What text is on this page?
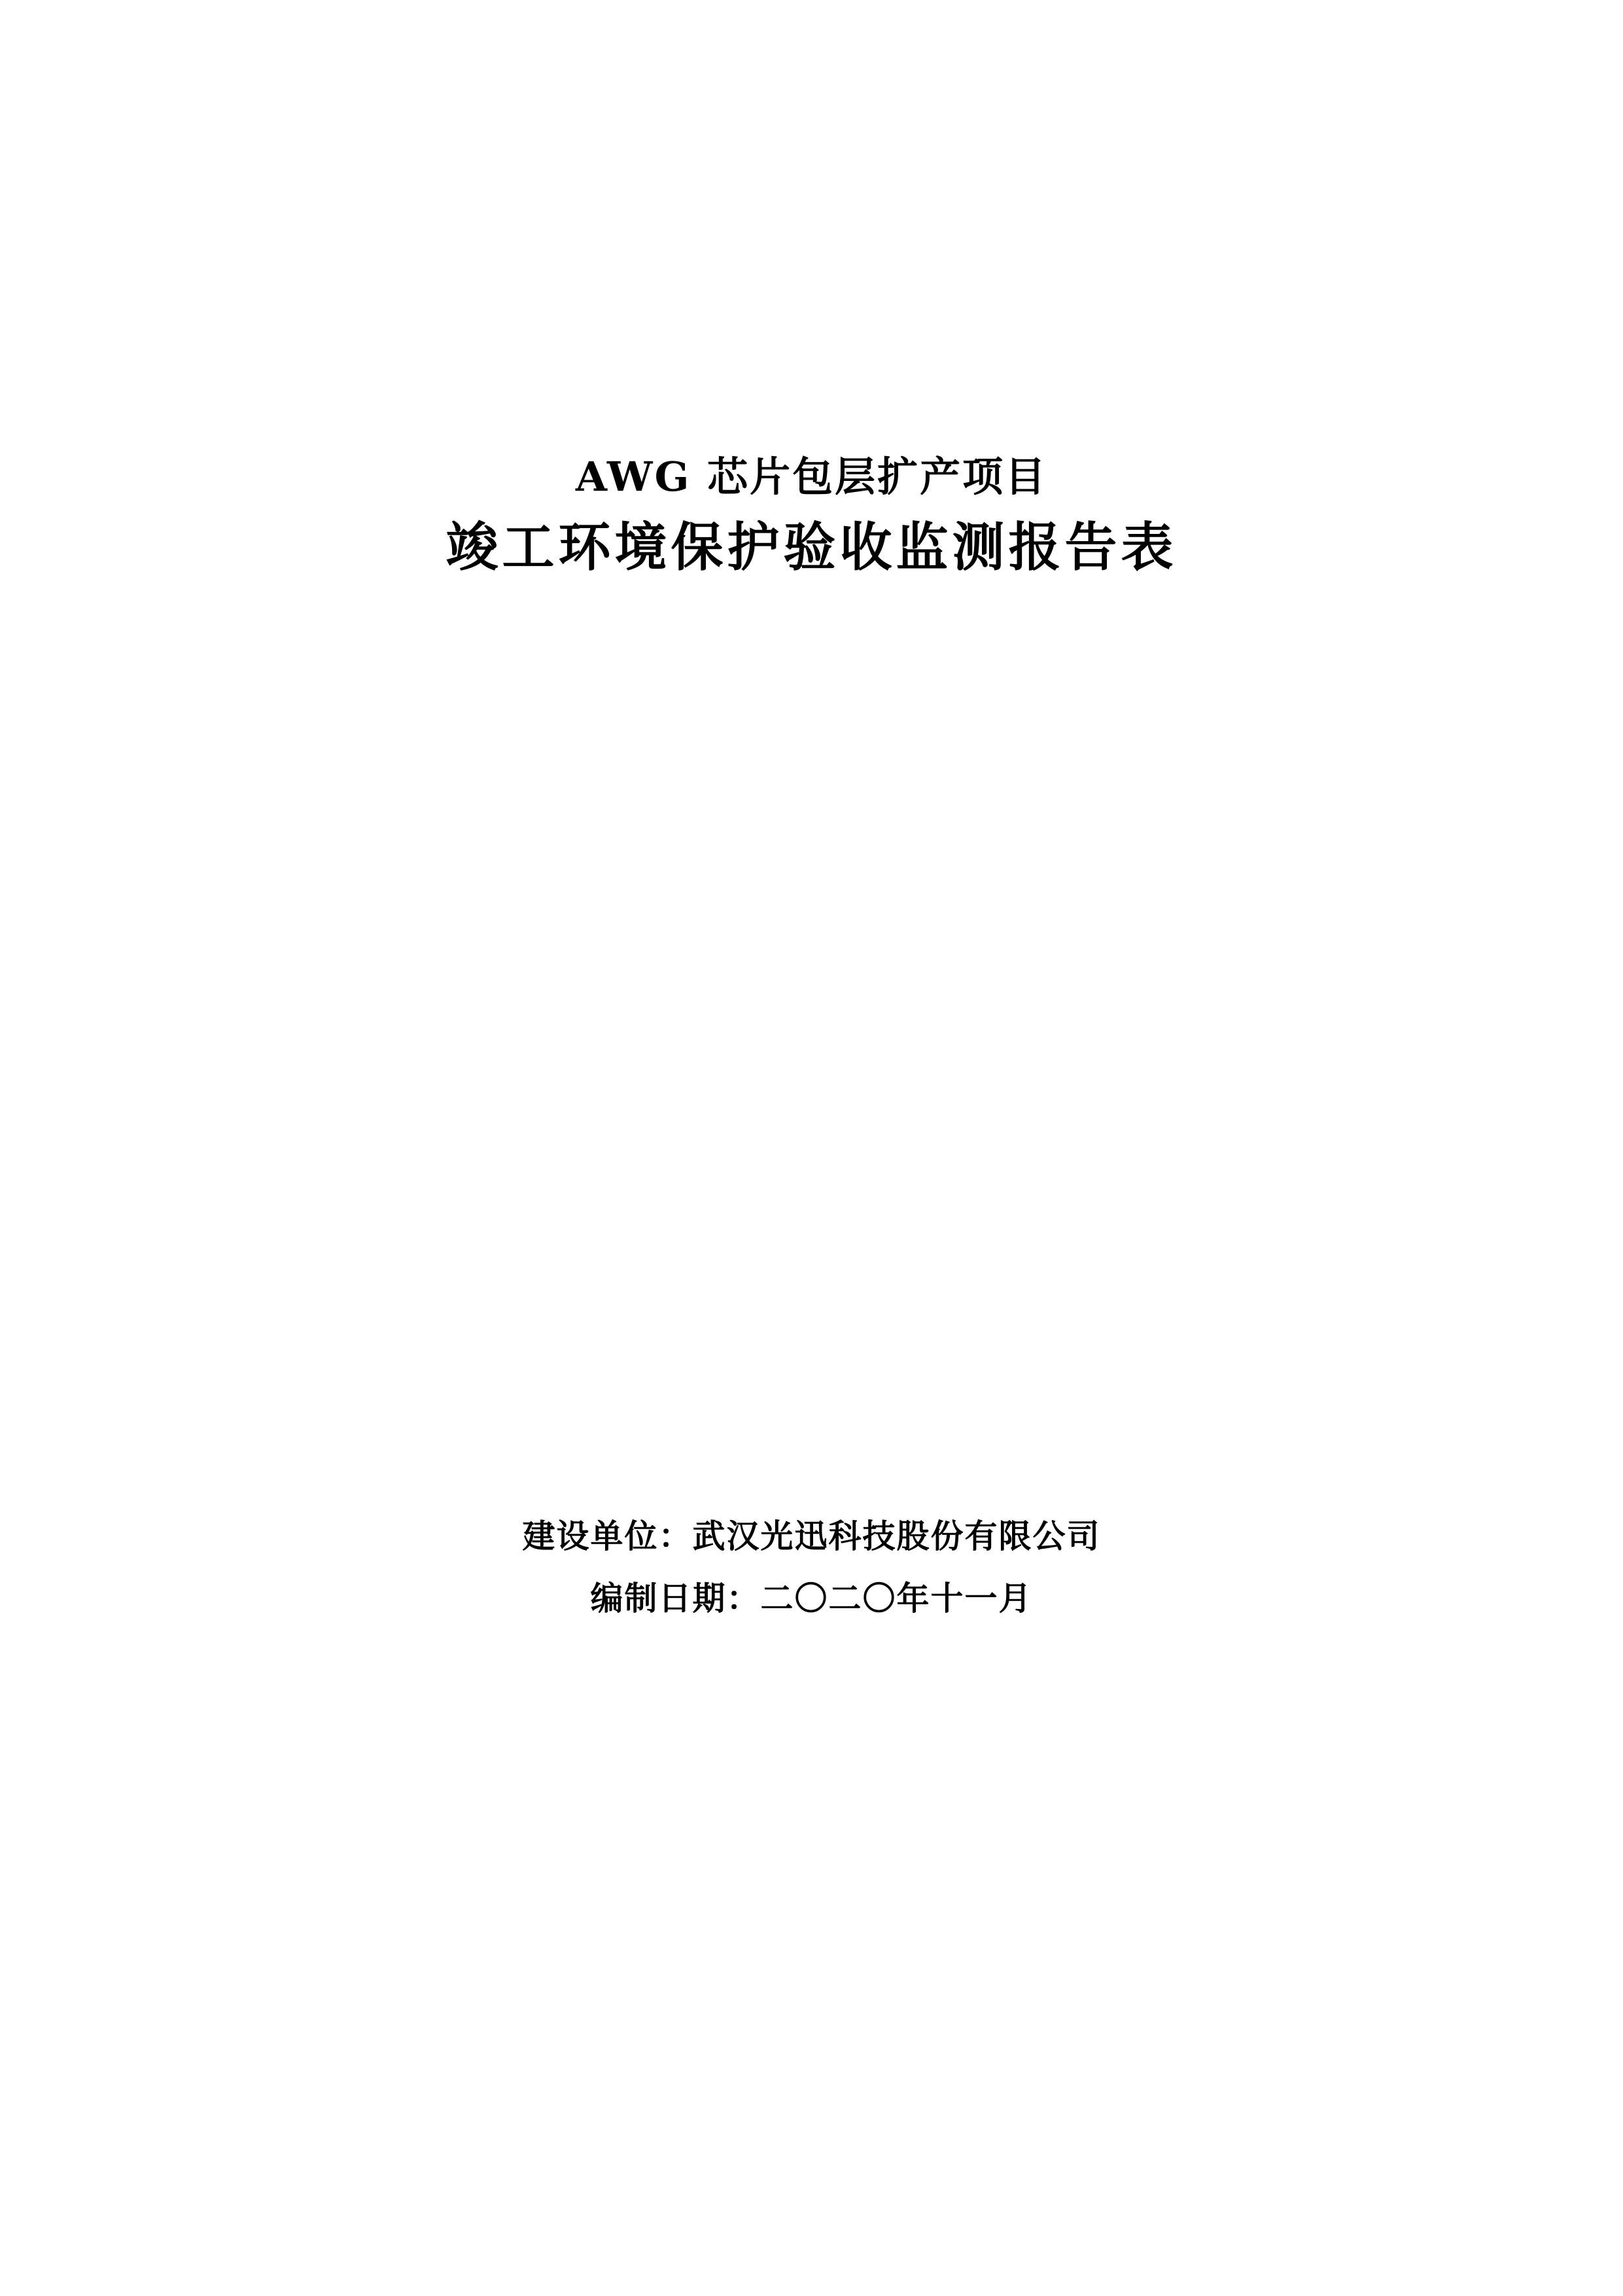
AWG 芯片包层扩产项目
竣工环境保护验收监测报告表
建设单位：武汉光迅科技股份有限公司
编制日期：二〇二〇年十一月
